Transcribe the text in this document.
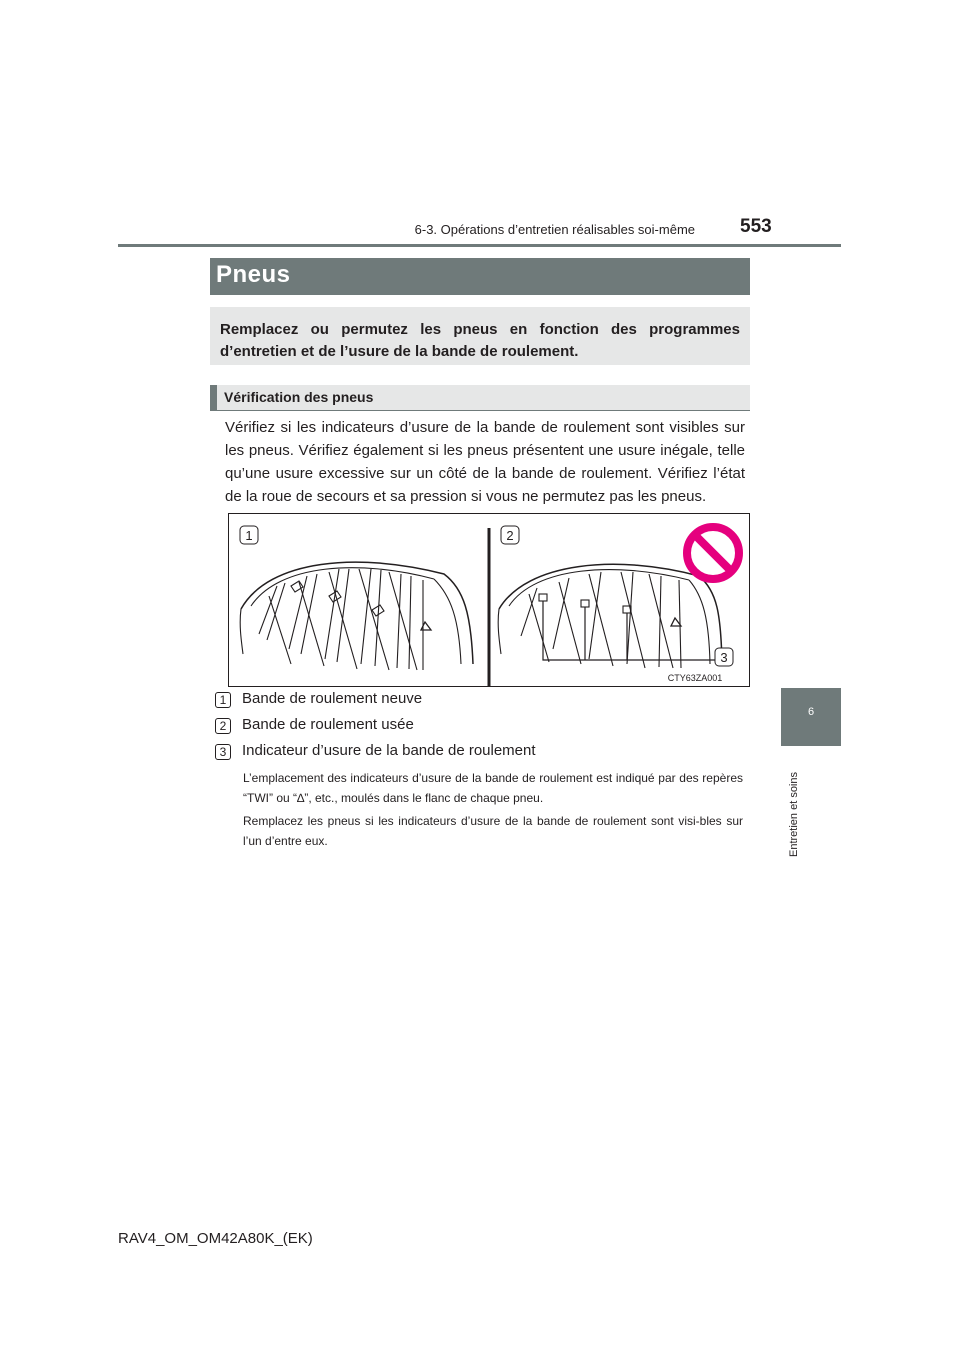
6-3. Opérations d’entretien réalisables soi-même 553
6
Entretien et soins
Pneus

Remplacez ou permutez les pneus en fonction des programmes d’entretien et de l’usure de la bande de roulement.

Vérification des pneus

Vérifiez si les indicateurs d’usure de la bande de roulement sont visibles sur les pneus. Vérifiez également si les pneus présentent une usure inégale, telle qu’une usure excessive sur un côté de la bande de roulement. Vérifiez l’état de la roue de secours et sa pression si vous ne permutez pas les pneus.

1	2
3
CTY63ZA001
1	Bande de roulement neuve
2	Bande de roulement usée
3	Indicateur d’usure de la bande de roulement

L’emplacement des indicateurs d’usure de la bande de roulement est indiqué par des repères “TWI” ou “∆”, etc., moulés dans le flanc de chaque pneu.

Remplacez les pneus si les indicateurs d’usure de la bande de roulement sont visi-bles sur l’un d’entre eux.

RAV4_OM_OM42A80K_(EK)
